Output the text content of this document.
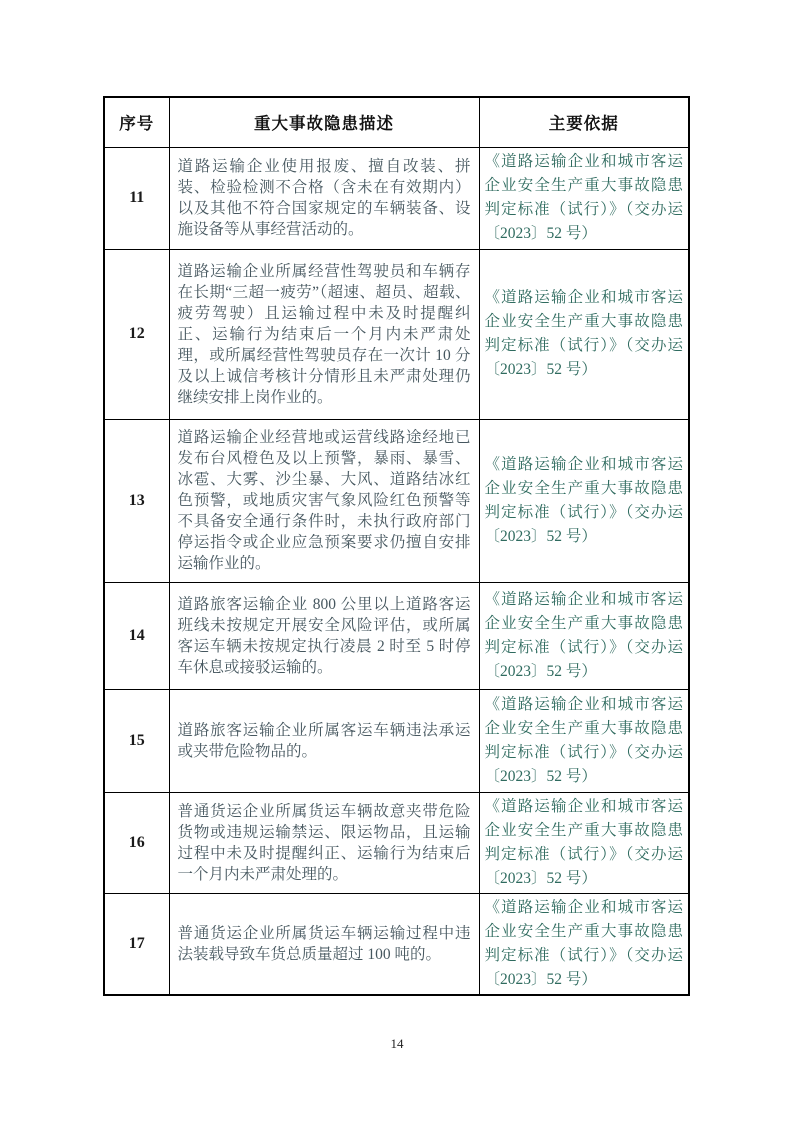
序号	重大事故隐患描述	主要依据
11	道路运输企业使用报废、擅自改装、拼装、检验检测不合格（含未在有效期内）以及其他不符合国家规定的车辆装备、设施设备等从事经营活动的。	《道路运输企业和城市客运企业安全生产重大事故隐患判定标准（试行）》（交办运〔2023〕52 号）
12	道路运输企业所属经营性驾驶员和车辆存在长期“三超一疲劳”（超速、超员、超载、疲劳驾驶）且运输过程中未及时提醒纠正、运输行为结束后一个月内未严肃处理，或所属经营性驾驶员存在一次计 10 分及以上诚信考核计分情形且未严肃处理仍继续安排上岗作业的。	《道路运输企业和城市客运企业安全生产重大事故隐患判定标准（试行）》（交办运〔2023〕52 号）
13	道路运输企业经营地或运营线路途经地已发布台风橙色及以上预警，暴雨、暴雪、冰雹、大雾、沙尘暴、大风、道路结冰红色预警，或地质灾害气象风险红色预警等不具备安全通行条件时，未执行政府部门停运指令或企业应急预案要求仍擅自安排运输作业的。	《道路运输企业和城市客运企业安全生产重大事故隐患判定标准（试行）》（交办运〔2023〕52 号）
14	道路旅客运输企业 800 公里以上道路客运班线未按规定开展安全风险评估，或所属客运车辆未按规定执行凌晨 2 时至 5 时停车休息或接驳运输的。	《道路运输企业和城市客运企业安全生产重大事故隐患判定标准（试行）》（交办运〔2023〕52 号）
15	道路旅客运输企业所属客运车辆违法承运或夹带危险物品的。	《道路运输企业和城市客运企业安全生产重大事故隐患判定标准（试行）》（交办运〔2023〕52 号）
16	普通货运企业所属货运车辆故意夹带危险货物或违规运输禁运、限运物品，且运输过程中未及时提醒纠正、运输行为结束后一个月内未严肃处理的。	《道路运输企业和城市客运企业安全生产重大事故隐患判定标准（试行）》（交办运〔2023〕52 号）
17	普通货运企业所属货运车辆运输过程中违法装载导致车货总质量超过 100 吨的。	《道路运输企业和城市客运企业安全生产重大事故隐患判定标准（试行）》（交办运〔2023〕52 号）
14
